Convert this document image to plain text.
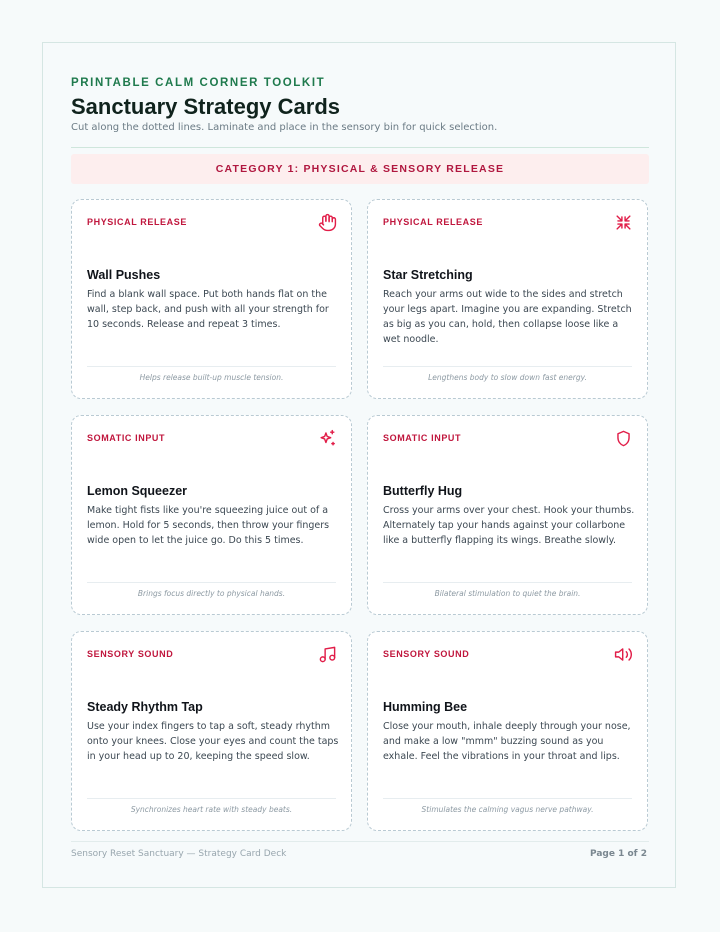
PRINTABLE CALM CORNER TOOLKIT
Sanctuary Strategy Cards
Cut along the dotted lines. Laminate and place in the sensory bin for quick selection.
CATEGORY 1: PHYSICAL & SENSORY RELEASE
PHYSICAL RELEASE
Wall Pushes
Find a blank wall space. Put both hands flat on the wall, step back, and push with all your strength for 10 seconds. Release and repeat 3 times.
Helps release built-up muscle tension.
PHYSICAL RELEASE
Star Stretching
Reach your arms out wide to the sides and stretch your legs apart. Imagine you are expanding. Stretch as big as you can, hold, then collapse loose like a wet noodle.
Lengthens body to slow down fast energy.
SOMATIC INPUT
Lemon Squeezer
Make tight fists like you're squeezing juice out of a lemon. Hold for 5 seconds, then throw your fingers wide open to let the juice go. Do this 5 times.
Brings focus directly to physical hands.
SOMATIC INPUT
Butterfly Hug
Cross your arms over your chest. Hook your thumbs. Alternately tap your hands against your collarbone like a butterfly flapping its wings. Breathe slowly.
Bilateral stimulation to quiet the brain.
SENSORY SOUND
Steady Rhythm Tap
Use your index fingers to tap a soft, steady rhythm onto your knees. Close your eyes and count the taps in your head up to 20, keeping the speed slow.
Synchronizes heart rate with steady beats.
SENSORY SOUND
Humming Bee
Close your mouth, inhale deeply through your nose, and make a low "mmm" buzzing sound as you exhale. Feel the vibrations in your throat and lips.
Stimulates the calming vagus nerve pathway.
Sensory Reset Sanctuary — Strategy Card Deck	Page 1 of 2
